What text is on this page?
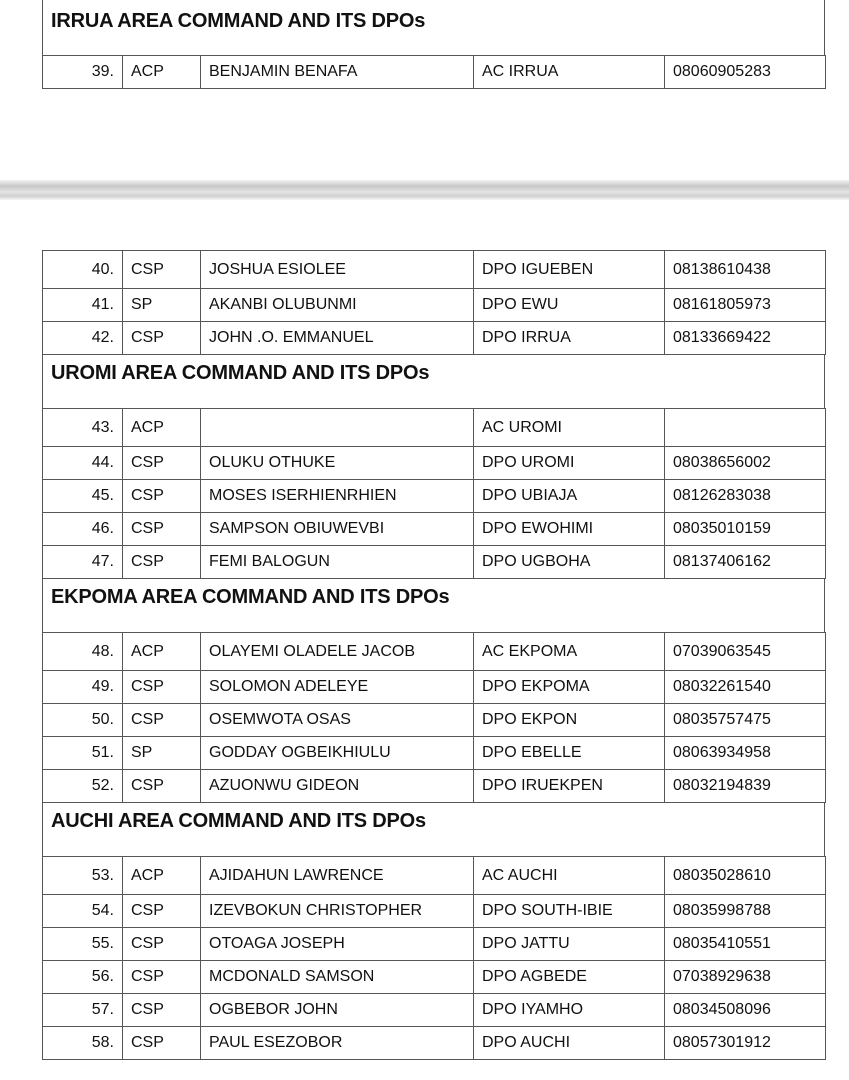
IRRUA AREA COMMAND AND ITS DPOs
39.	ACP	BENJAMIN BENAFA	AC IRRUA	08060905283
40.	CSP	JOSHUA ESIOLEE	DPO IGUEBEN	08138610438
41.	SP	AKANBI OLUBUNMI	DPO EWU	08161805973
42.	CSP	JOHN .O. EMMANUEL	DPO IRRUA	08133669422
UROMI AREA COMMAND AND ITS DPOs
43.	ACP		AC UROMI	
44.	CSP	OLUKU OTHUKE	DPO UROMI	08038656002
45.	CSP	MOSES ISERHIENRHIEN	DPO UBIAJA	08126283038
46.	CSP	SAMPSON OBIUWEVBI	DPO EWOHIMI	08035010159
47.	CSP	FEMI BALOGUN	DPO UGBOHA	08137406162
EKPOMA AREA COMMAND AND ITS DPOs
48.	ACP	OLAYEMI OLADELE JACOB	AC EKPOMA	07039063545
49.	CSP	SOLOMON ADELEYE	DPO EKPOMA	08032261540
50.	CSP	OSEMWOTA OSAS	DPO EKPON	08035757475
51.	SP	GODDAY OGBEIKHIULU	DPO EBELLE	08063934958
52.	CSP	AZUONWU GIDEON	DPO IRUEKPEN	08032194839
AUCHI AREA COMMAND AND ITS DPOs
53.	ACP	AJIDAHUN LAWRENCE	AC AUCHI	08035028610
54.	CSP	IZEVBOKUN CHRISTOPHER	DPO SOUTH-IBIE	08035998788
55.	CSP	OTOAGA JOSEPH	DPO JATTU	08035410551
56.	CSP	MCDONALD SAMSON	DPO AGBEDE	07038929638
57.	CSP	OGBEBOR JOHN	DPO IYAMHO	08034508096
58.	CSP	PAUL ESEZOBOR	DPO AUCHI	08057301912
